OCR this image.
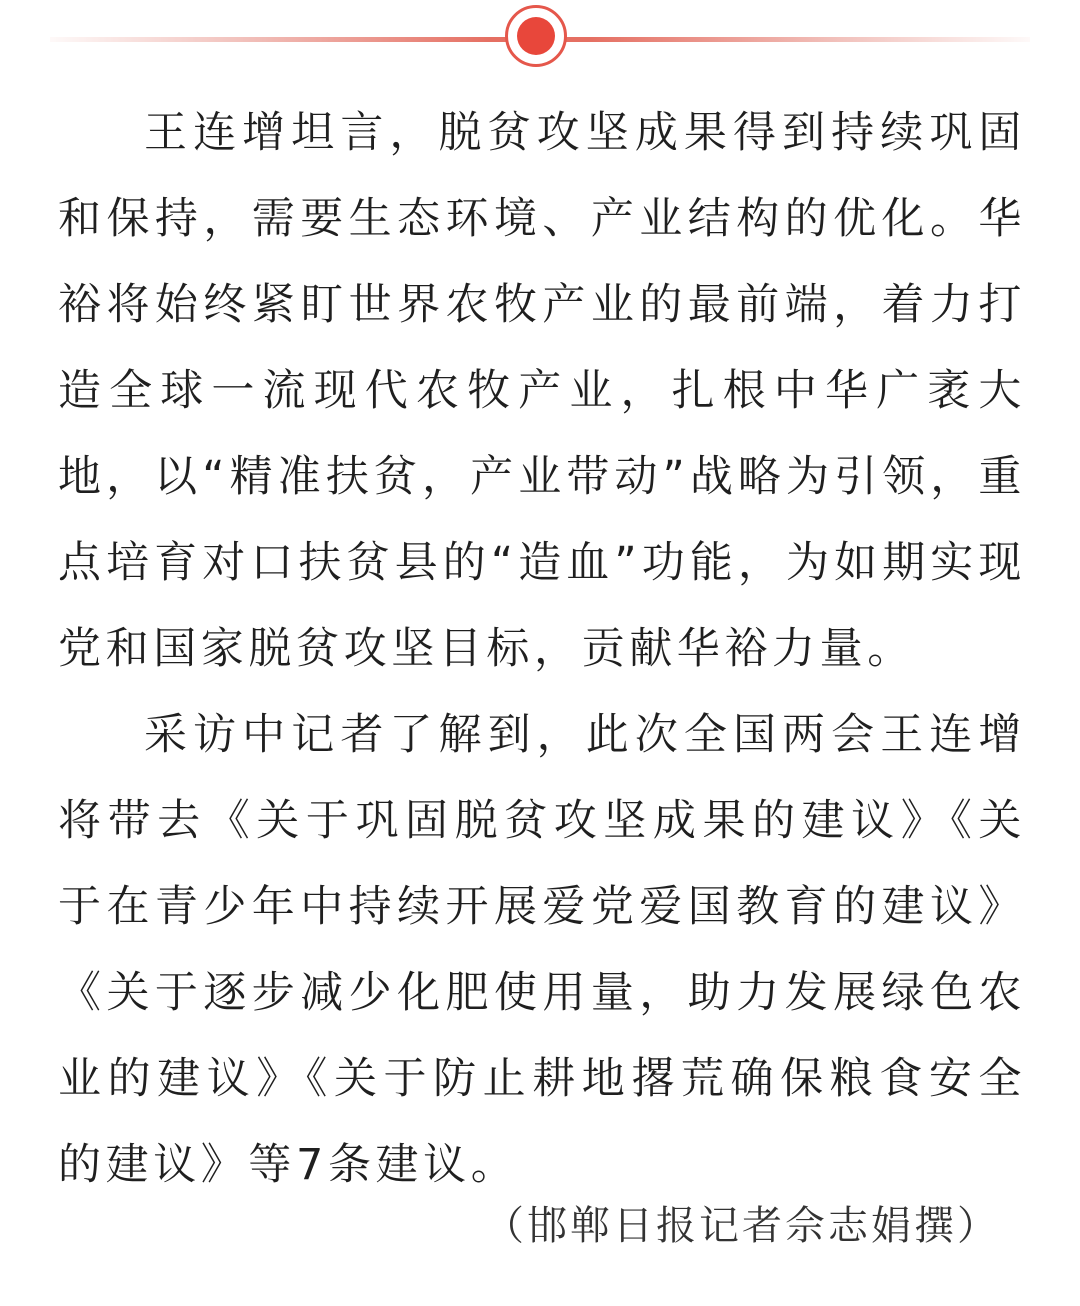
王连增坦言，脱贫攻坚成果得到持续巩固和保持，需要生态环境、产业结构的优化。华裕将始终紧盯世界农牧产业的最前端，着力打造全球一流现代农牧产业，扎根中华广袤大地，以“精准扶贫，产业带动”战略为引领，重点培育对口扶贫县的“造血”功能，为如期实现党和国家脱贫攻坚目标，贡献华裕力量。

采访中记者了解到，此次全国两会王连增将带去《关于巩固脱贫攻坚成果的建议》《关于在青少年中持续开展爱党爱国教育的建议》《关于逐步减少化肥使用量，助力发展绿色农业的建议》《关于防止耕地撂荒确保粮食安全的建议》等7条建议。

（邯郸日报记者佘志娟撰）
